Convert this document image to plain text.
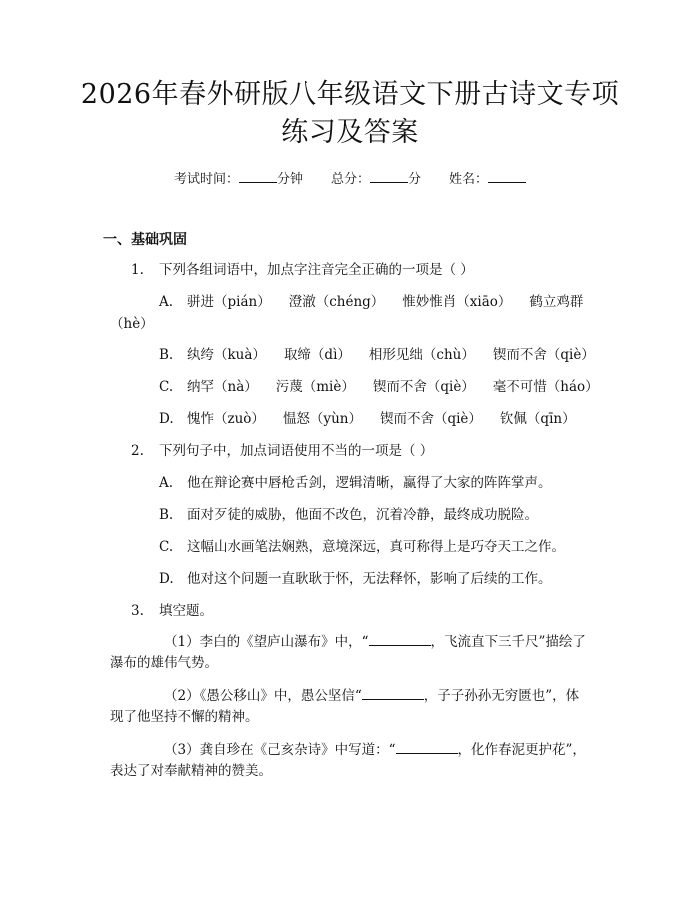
2026年春外研版八年级语文下册古诗文专项
练习及答案
考试时间：	分钟 总分：	分 姓名：
一、基础巩固
1. 下列各组词语中，加点字注音完全正确的一项是（ ）
A. 骈进（pián） 澄澈（chéng） 惟妙惟肖（xiāo） 鹤立鸡群
（hè）
B. 纨绔（kuà） 取缔（dì） 相形见绌（chù） 锲而不舍（qiè）
C. 纳罕（nà） 污蔑（miè） 锲而不舍（qiè） 毫不可惜（háo）
D. 愧怍（zuò） 愠怒（yùn） 锲而不舍（qiè） 钦佩（qīn）
2. 下列句子中，加点词语使用不当的一项是（ ）
A. 他在辩论赛中唇枪舌剑，逻辑清晰，赢得了大家的阵阵掌声。
B. 面对歹徒的威胁，他面不改色，沉着冷静，最终成功脱险。
C. 这幅山水画笔法娴熟，意境深远，真可称得上是巧夺天工之作。
D. 他对这个问题一直耿耿于怀，无法释怀，影响了后续的工作。
3. 填空题。
（1）李白的《望庐山瀑布》中，“	，飞流直下三千尺”描绘了
瀑布的雄伟气势。
（2）《愚公移山》中，愚公坚信“	，子子孙孙无穷匮也”，体
现了他坚持不懈的精神。
（3）龚自珍在《己亥杂诗》中写道：“	，化作春泥更护花”，
表达了对奉献精神的赞美。
